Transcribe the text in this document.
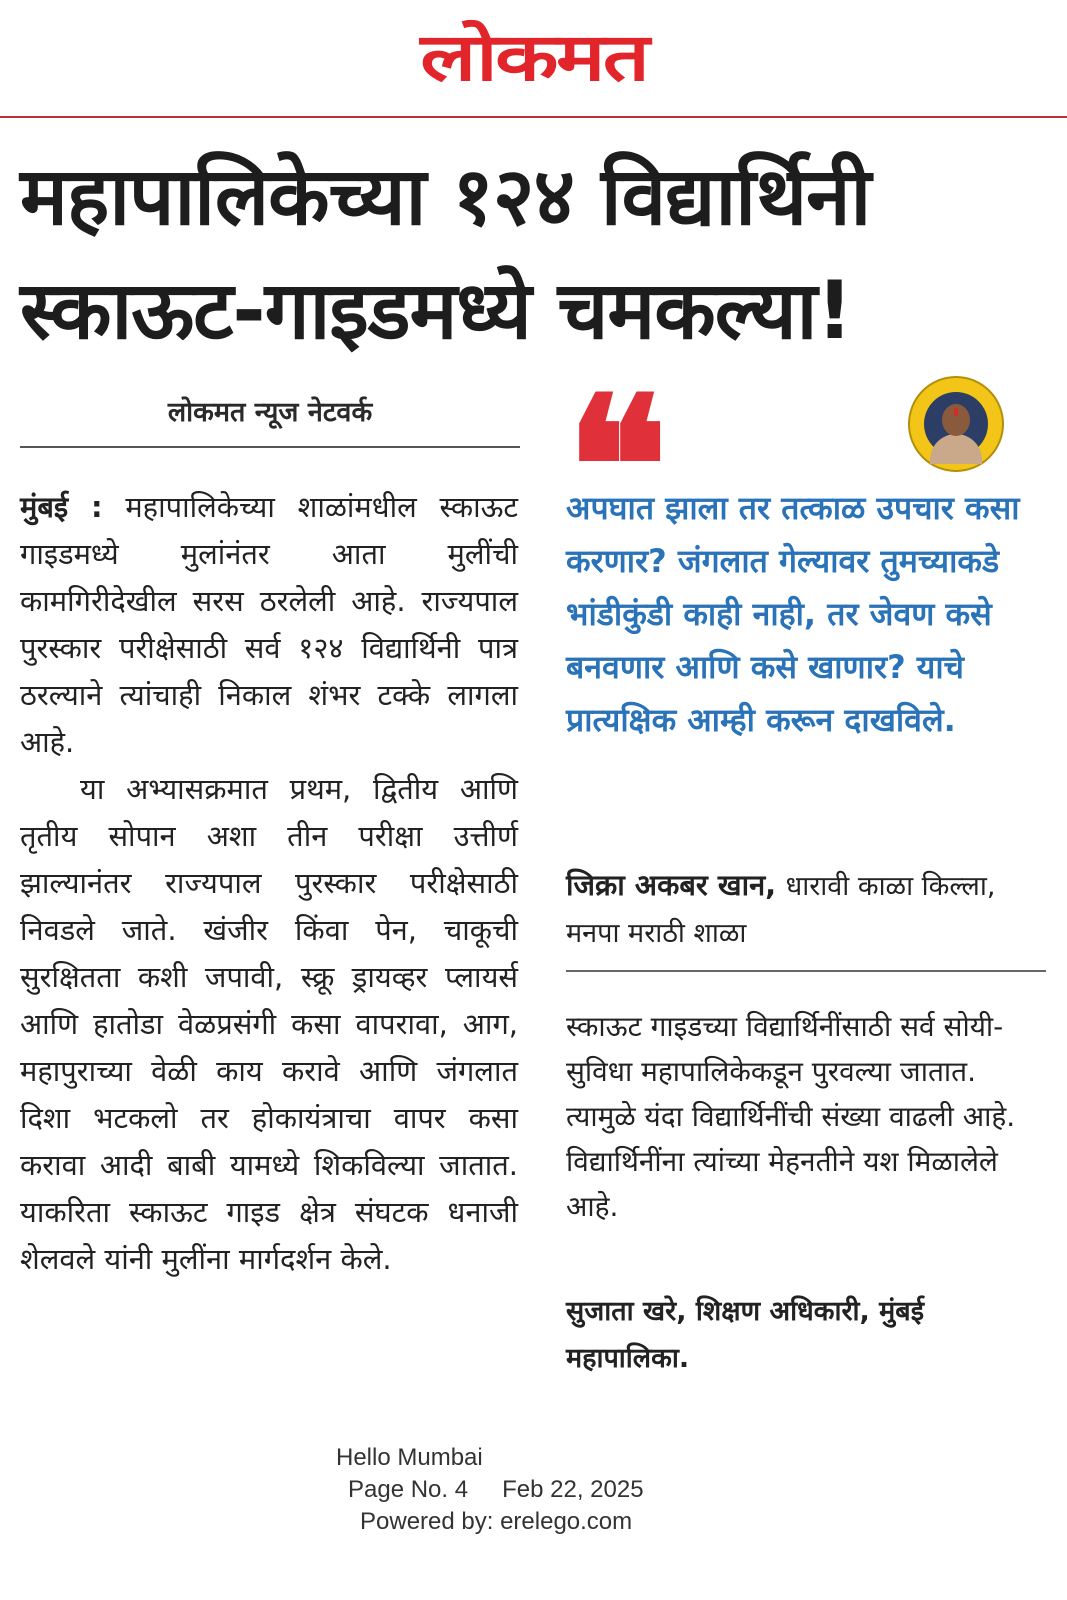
लोकमत
महापालिकेच्या १२४ विद्यार्थिनी
स्काऊट-गाइडमध्ये चमकल्या!
लोकमत न्यूज नेटवर्क

मुंबई : महापालिकेच्या शाळांमधील स्काऊट गाइडमध्ये मुलांनंतर आता मुलींची कामगिरीदेखील सरस ठरलेली आहे. राज्यपाल पुरस्कार परीक्षेसाठी सर्व १२४ विद्यार्थिनी पात्र ठरल्याने त्यांचाही निकाल शंभर टक्के लागला आहे.

या अभ्यासक्रमात प्रथम, द्वितीय आणि तृतीय सोपान अशा तीन परीक्षा उत्तीर्ण झाल्यानंतर राज्यपाल पुरस्कार परीक्षेसाठी निवडले जाते. खंजीर किंवा पेन, चाकूची सुरक्षितता कशी जपावी, स्क्रू ड्रायव्हर प्लायर्स आणि हातोडा वेळप्रसंगी कसा वापरावा, आग, महापुराच्या वेळी काय करावे आणि जंगलात दिशा भटकलो तर होकायंत्राचा वापर कसा करावा आदी बाबी यामध्ये शिकविल्या जातात. याकरिता स्काऊट गाइड क्षेत्र संघटक धनाजी शेलवले यांनी मुलींना मार्गदर्शन केले.

❝
अपघात झाला तर तत्काळ उपचार कसा करणार? जंगलात गेल्यावर तुमच्याकडे भांडीकुंडी काही नाही, तर जेवण कसे बनवणार आणि कसे खाणार? याचे प्रात्यक्षिक आम्ही करून दाखविले.
जिक्रा अकबर खान, धारावी काळा किल्ला, मनपा मराठी शाळा
स्काऊट गाइडच्या विद्यार्थिनींसाठी सर्व सोयी-सुविधा महापालिकेकडून पुरवल्या जातात. त्यामुळे यंदा विद्यार्थिनींची संख्या वाढली आहे. विद्यार्थिनींना त्यांच्या मेहनतीने यश मिळालेले आहे.
सुजाता खरे, शिक्षण अधिकारी, मुंबई महापालिका.
Hello Mumbai
Page No. 4 Feb 22, 2025
Powered by: erelego.com
